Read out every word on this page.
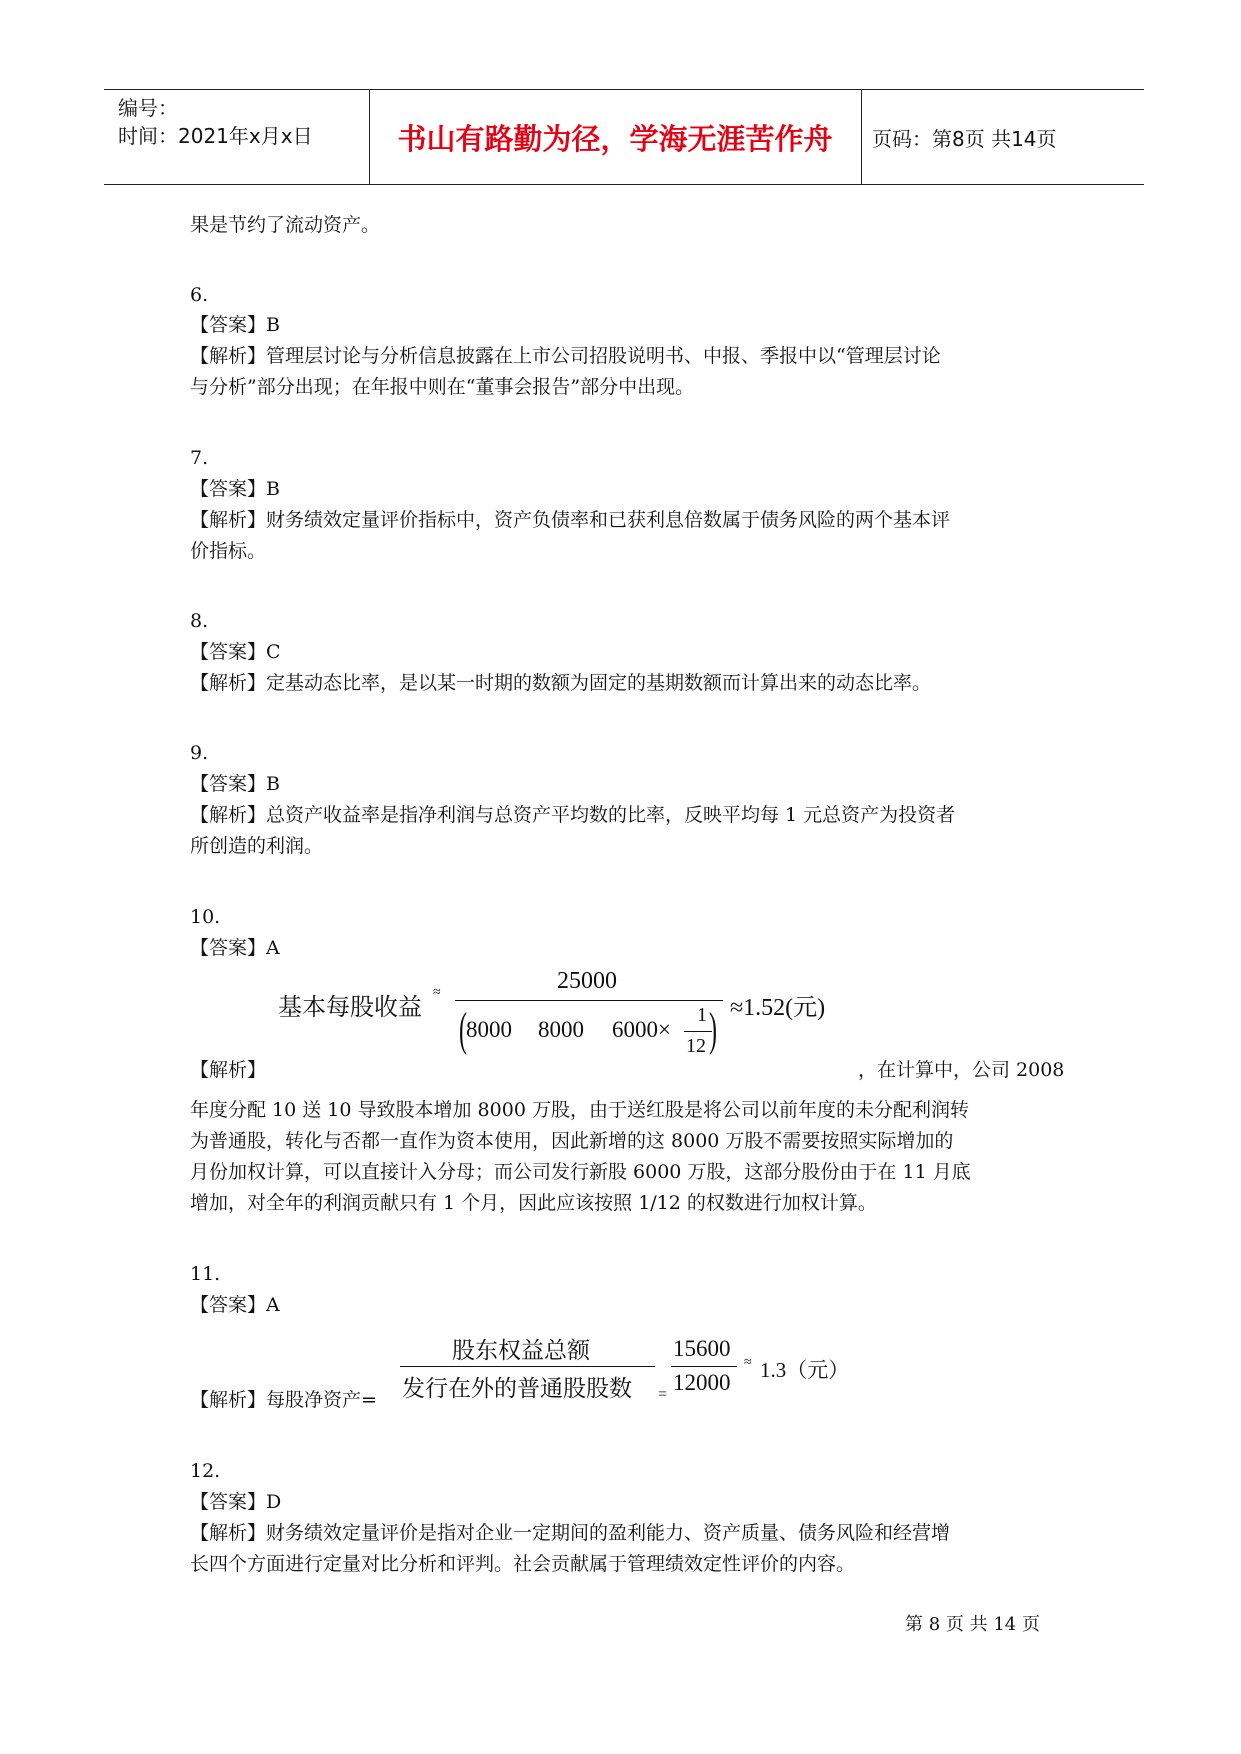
编号：
时间：2021年x月x日	书山有路勤为径，学海无涯苦作舟	页码：第8页 共14页
果是节约了流动资产。
6.
【答案】B
【解析】管理层讨论与分析信息披露在上市公司招股说明书、中报、季报中以“管理层讨论
与分析”部分出现；在年报中则在“董事会报告”部分中出现。
7.
【答案】B
【解析】财务绩效定量评价指标中，资产负债率和已获利息倍数属于债务风险的两个基本评
价指标。
8.
【答案】C
【解析】定基动态比率，是以某一时期的数额为固定的基期数额而计算出来的动态比率。
9.
【答案】B
【解析】总资产收益率是指净利润与总资产平均数的比率，反映平均每 1 元总资产为投资者
所创造的利润。
10.
【答案】A
基本每股收益
≈	25000
( 8000 8000 6000×
1
12 ) ≈1.52(元)
【解析】	，在计算中，公司 2008
年度分配 10 送 10 导致股本增加 8000 万股，由于送红股是将公司以前年度的未分配利润转
为普通股，转化与否都一直作为资本使用，因此新增的这 8000 万股不需要按照实际增加的
月份加权计算，可以直接计入分母；而公司发行新股 6000 万股，这部分股份由于在 11 月底
增加，对全年的利润贡献只有 1 个月，因此应该按照 1/12 的权数进行加权计算。
11.
【答案】A
【解析】每股净资产=
股东权益总额
发行在外的普通股股数 =
15600
12000
≈ 1.3（元）
12.
【答案】D
【解析】财务绩效定量评价是指对企业一定期间的盈利能力、资产质量、债务风险和经营增
长四个方面进行定量对比分析和评判。社会贡献属于管理绩效定性评价的内容。
第 8 页 共 14 页
